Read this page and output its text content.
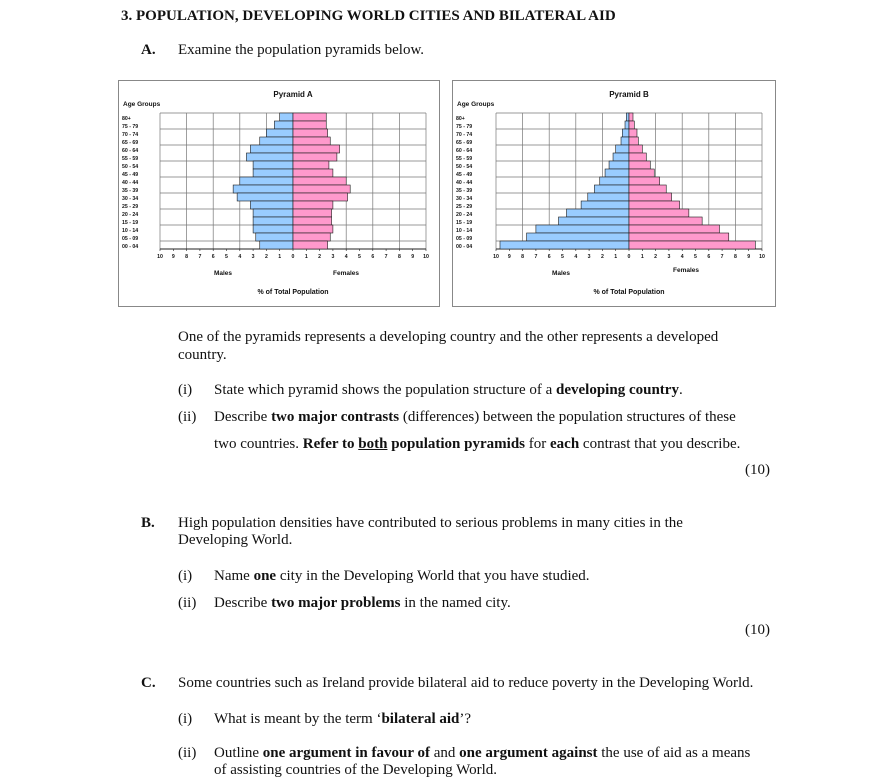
3. POPULATION, DEVELOPING WORLD CITIES AND BILATERAL AID
A. Examine the population pyramids below.
Pyramid A
Age Groups
80+
75 - 79
70 - 74
65 - 69
60 - 64
55 - 59
50 - 54
45 - 49
40 - 44
35 - 39
30 - 34
25 - 29
20 - 24
15 - 19
10 - 14
05 - 09
00 - 04
10 9 8 7 6 5 4 3 2 1 0 1 2 3 4 5 6 7 8 9 10
Males	Females
% of Total Population
Pyramid B
Age Groups
80+
75 - 79
70 - 74
65 - 69
60 - 64
55 - 59
50 - 54
45 - 49
40 - 44
35 - 39
30 - 34
25 - 29
20 - 24
15 - 19
10 - 14
05 - 09
00 - 04
10 9 8 7 6 5 4 3 2 1 0 1 2 3 4 5 6 7 8 9 10
Males	Females
% of Total Population
One of the pyramids represents a developing country and the other represents a developed
country.
(i) State which pyramid shows the population structure of a developing country.
(ii) Describe two major contrasts (differences) between the population structures of these
two countries. Refer to both population pyramids for each contrast that you describe.
(10)
B. High population densities have contributed to serious problems in many cities in the
Developing World.
(i) Name one city in the Developing World that you have studied.
(ii) Describe two major problems in the named city.
(10)
C. Some countries such as Ireland provide bilateral aid to reduce poverty in the Developing World.
(i) What is meant by the term ‘bilateral aid’?
(ii) Outline one argument in favour of and one argument against the use of aid as a means
of assisting countries of the Developing World.
